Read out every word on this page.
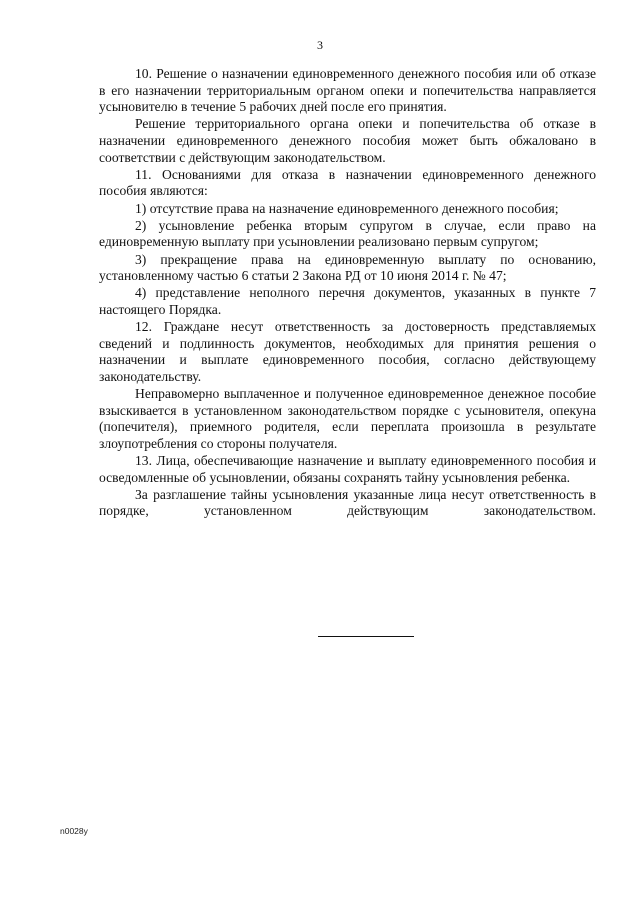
3

10. Решение о назначении единовременного денежного пособия или об отказе в его назначении территориальным органом опеки и попечительства направляется усыновителю в течение 5 рабочих дней после его принятия.

Решение территориального органа опеки и попечительства об отказе в назначении единовременного денежного пособия может быть обжаловано в соответствии с действующим законодательством.

11. Основаниями для отказа в назначении единовременного денежного пособия являются:

1) отсутствие права на назначение единовременного денежного пособия;

2) усыновление ребенка вторым супругом в случае, если право на единовременную выплату при усыновлении реализовано первым супругом;

3) прекращение права на единовременную выплату по основанию, установленному частью 6 статьи 2 Закона РД от 10 июня 2014 г. № 47;

4) представление неполного перечня документов, указанных в пункте 7 настоящего Порядка.

12. Граждане несут ответственность за достоверность представляемых сведений и подлинность документов, необходимых для принятия решения о назначении и выплате единовременного пособия, согласно действующему законодательству.

Неправомерно выплаченное и полученное единовременное денежное пособие взыскивается в установленном законодательством порядке с усыновителя, опекуна (попечителя), приемного родителя, если переплата произошла в результате злоупотребления со стороны получателя.

13. Лица, обеспечивающие назначение и выплату единовременного пособия и осведомленные об усыновлении, обязаны сохранять тайну усыновления ребенка.

За разглашение тайны усыновления указанные лица несут ответственность в порядке, установленном действующим законодательством.

n0028y
